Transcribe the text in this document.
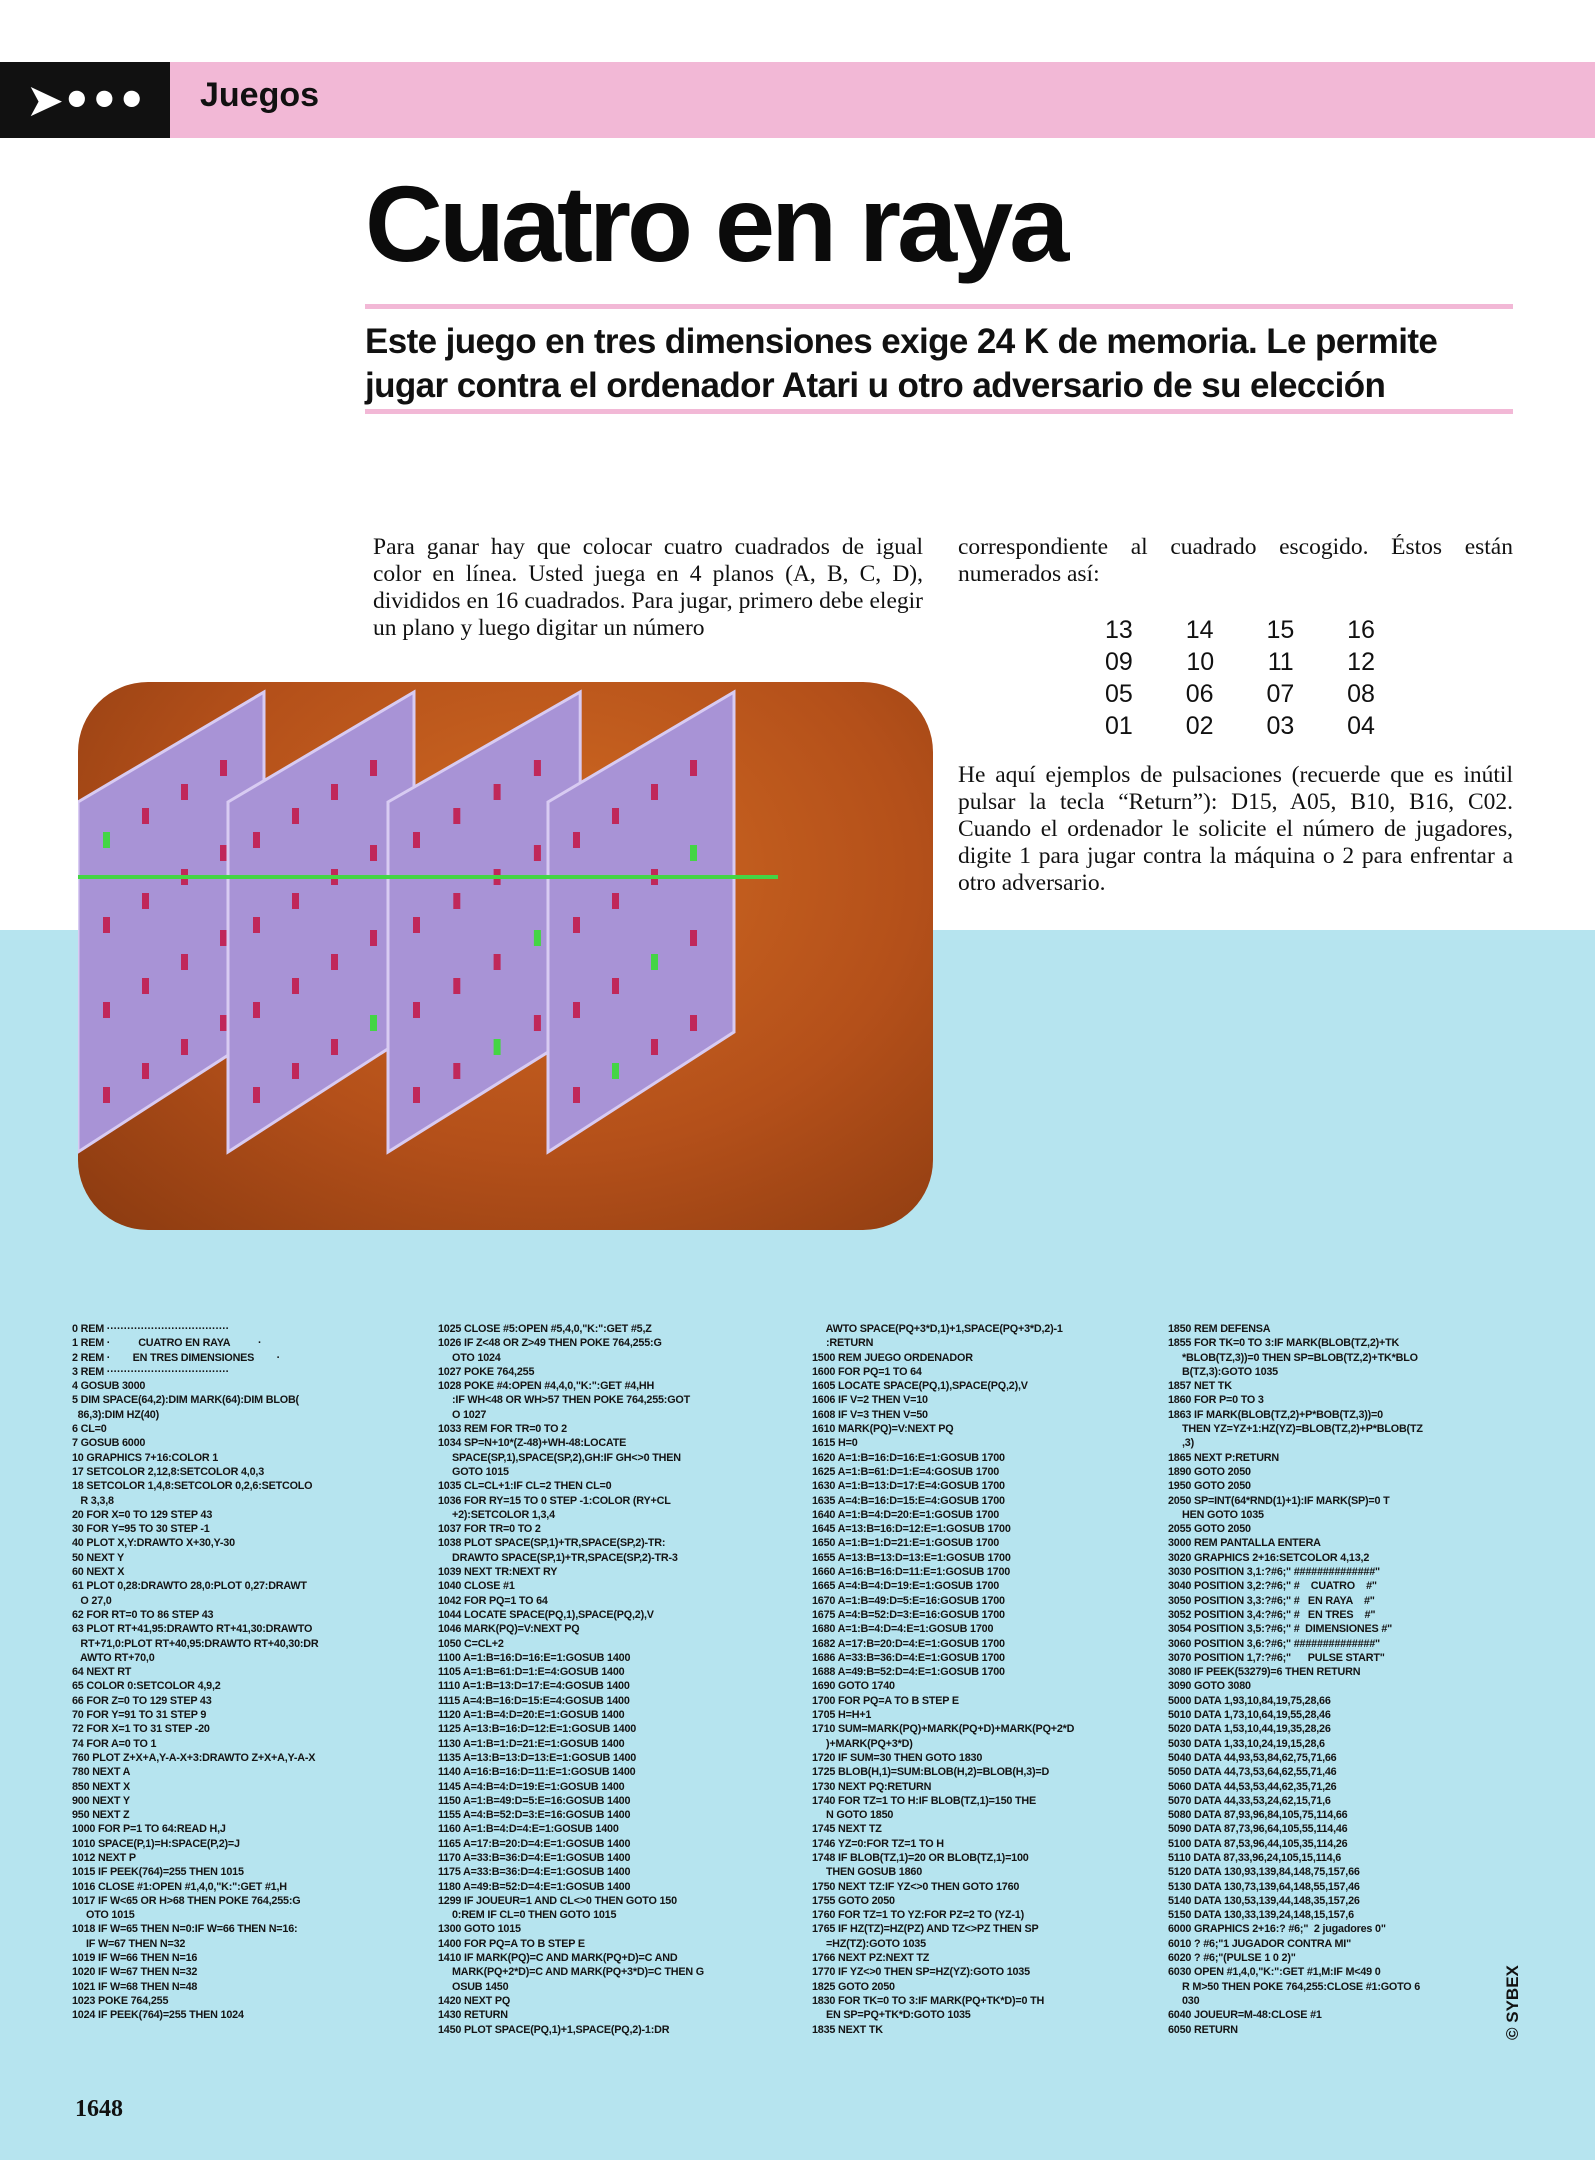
➤••• Juegos
Cuatro en raya
Este juego en tres dimensiones exige 24 K de memoria. Le permite jugar contra el ordenador Atari u otro adversario de su elección
Para ganar hay que colocar cuatro cuadrados de igual color en línea. Usted juega en 4 planos (A, B, C, D), divididos en 16 cuadrados. Para jugar, primero debe elegir un plano y luego digitar un número
correspondiente al cuadrado escogido. Éstos están numerados así:
13 14 15 16
09 10 11 12
05 06 07 08
01 02 03 04
He aquí ejemplos de pulsaciones (recuerde que es inútil pulsar la tecla “Return”): D15, A05, B10, B16, C02. Cuando el ordenador le solicite el número de jugadores, digite 1 para jugar contra la máquina o 2 para enfrentar a otro adversario.
0 REM ····································
1 REM ·          CUATRO EN RAYA          ·
2 REM ·        EN TRES DIMENSIONES        ·
3 REM ····································
4 GOSUB 3000
5 DIM SPACE(64,2):DIM MARK(64):DIM BLOB(
86,3):DIM HZ(40)
6 CL=0
7 GOSUB 6000
10 GRAPHICS 7+16:COLOR 1
17 SETCOLOR 2,12,8:SETCOLOR 4,0,3
18 SETCOLOR 1,4,8:SETCOLOR 0,2,6:SETCOLO
R 3,3,8
20 FOR X=0 TO 129 STEP 43
30 FOR Y=95 TO 30 STEP -1
40 PLOT X,Y:DRAWTO X+30,Y-30
50 NEXT Y
60 NEXT X
61 PLOT 0,28:DRAWTO 28,0:PLOT 0,27:DRAWT
O 27,0
62 FOR RT=0 TO 86 STEP 43
63 PLOT RT+41,95:DRAWTO RT+41,30:DRAWTO
RT+71,0:PLOT RT+40,95:DRAWTO RT+40,30:DR
AWTO RT+70,0
64 NEXT RT
65 COLOR 0:SETCOLOR 4,9,2
66 FOR Z=0 TO 129 STEP 43
70 FOR Y=91 TO 31 STEP 9
72 FOR X=1 TO 31 STEP -20
74 FOR A=0 TO 1
760 PLOT Z+X+A,Y-A-X+3:DRAWTO Z+X+A,Y-A-X
780 NEXT A
850 NEXT X
900 NEXT Y
950 NEXT Z
1000 FOR P=1 TO 64:READ H,J
1010 SPACE(P,1)=H:SPACE(P,2)=J
1012 NEXT P
1015 IF PEEK(764)=255 THEN 1015
1016 CLOSE #1:OPEN #1,4,0,"K:":GET #1,H
1017 IF W<65 OR H>68 THEN POKE 764,255:G
OTO 1015
1018 IF W=65 THEN N=0:IF W=66 THEN N=16:
IF W=67 THEN N=32
1019 IF W=66 THEN N=16
1020 IF W=67 THEN N=32
1021 IF W=68 THEN N=48
1023 POKE 764,255
1024 IF PEEK(764)=255 THEN 1024
1025 CLOSE #5:OPEN #5,4,0,"K:":GET #5,Z
1026 IF Z<48 OR Z>49 THEN POKE 764,255:G
OTO 1024
1027 POKE 764,255
1028 POKE #4:OPEN #4,4,0,"K:":GET #4,HH
:IF WH<48 OR WH>57 THEN POKE 764,255:GOT
O 1027
1033 REM FOR TR=0 TO 2
1034 SP=N+10*(Z-48)+WH-48:LOCATE
SPACE(SP,1),SPACE(SP,2),GH:IF GH<>0 THEN
GOTO 1015
1035 CL=CL+1:IF CL=2 THEN CL=0
1036 FOR RY=15 TO 0 STEP -1:COLOR (RY+CL
+2):SETCOLOR 1,3,4
1037 FOR TR=0 TO 2
1038 PLOT SPACE(SP,1)+TR,SPACE(SP,2)-TR:
DRAWTO SPACE(SP,1)+TR,SPACE(SP,2)-TR-3
1039 NEXT TR:NEXT RY
1040 CLOSE #1
1042 FOR PQ=1 TO 64
1044 LOCATE SPACE(PQ,1),SPACE(PQ,2),V
1046 MARK(PQ)=V:NEXT PQ
1050 C=CL+2
1100 A=1:B=16:D=16:E=1:GOSUB 1400
1105 A=1:B=61:D=1:E=4:GOSUB 1400
1110 A=1:B=13:D=17:E=4:GOSUB 1400
1115 A=4:B=16:D=15:E=4:GOSUB 1400
1120 A=1:B=4:D=20:E=1:GOSUB 1400
1125 A=13:B=16:D=12:E=1:GOSUB 1400
1130 A=1:B=1:D=21:E=1:GOSUB 1400
1135 A=13:B=13:D=13:E=1:GOSUB 1400
1140 A=16:B=16:D=11:E=1:GOSUB 1400
1145 A=4:B=4:D=19:E=1:GOSUB 1400
1150 A=1:B=49:D=5:E=16:GOSUB 1400
1155 A=4:B=52:D=3:E=16:GOSUB 1400
1160 A=1:B=4:D=4:E=1:GOSUB 1400
1165 A=17:B=20:D=4:E=1:GOSUB 1400
1170 A=33:B=36:D=4:E=1:GOSUB 1400
1175 A=33:B=36:D=4:E=1:GOSUB 1400
1180 A=49:B=52:D=4:E=1:GOSUB 1400
1299 IF JOUEUR=1 AND CL<>0 THEN GOTO 150
0:REM IF CL=0 THEN GOTO 1015
1300 GOTO 1015
1400 FOR PQ=A TO B STEP E
1410 IF MARK(PQ)=C AND MARK(PQ+D)=C AND
MARK(PQ+2*D)=C AND MARK(PQ+3*D)=C THEN G
OSUB 1450
1420 NEXT PQ
1430 RETURN
1450 PLOT SPACE(PQ,1)+1,SPACE(PQ,2)-1:DR
AWTO SPACE(PQ+3*D,1)+1,SPACE(PQ+3*D,2)-1
:RETURN
1500 REM JUEGO ORDENADOR
1600 FOR PQ=1 TO 64
1605 LOCATE SPACE(PQ,1),SPACE(PQ,2),V
1606 IF V=2 THEN V=10
1608 IF V=3 THEN V=50
1610 MARK(PQ)=V:NEXT PQ
1615 H=0
1620 A=1:B=16:D=16:E=1:GOSUB 1700
1625 A=1:B=61:D=1:E=4:GOSUB 1700
1630 A=1:B=13:D=17:E=4:GOSUB 1700
1635 A=4:B=16:D=15:E=4:GOSUB 1700
1640 A=1:B=4:D=20:E=1:GOSUB 1700
1645 A=13:B=16:D=12:E=1:GOSUB 1700
1650 A=1:B=1:D=21:E=1:GOSUB 1700
1655 A=13:B=13:D=13:E=1:GOSUB 1700
1660 A=16:B=16:D=11:E=1:GOSUB 1700
1665 A=4:B=4:D=19:E=1:GOSUB 1700
1670 A=1:B=49:D=5:E=16:GOSUB 1700
1675 A=4:B=52:D=3:E=16:GOSUB 1700
1680 A=1:B=4:D=4:E=1:GOSUB 1700
1682 A=17:B=20:D=4:E=1:GOSUB 1700
1686 A=33:B=36:D=4:E=1:GOSUB 1700
1688 A=49:B=52:D=4:E=1:GOSUB 1700
1690 GOTO 1740
1700 FOR PQ=A TO B STEP E
1705 H=H+1
1710 SUM=MARK(PQ)+MARK(PQ+D)+MARK(PQ+2*D
)+MARK(PQ+3*D)
1720 IF SUM=30 THEN GOTO 1830
1725 BLOB(H,1)=SUM:BLOB(H,2)=BLOB(H,3)=D
1730 NEXT PQ:RETURN
1740 FOR TZ=1 TO H:IF BLOB(TZ,1)=150 THE
N GOTO 1850
1745 NEXT TZ
1746 YZ=0:FOR TZ=1 TO H
1748 IF BLOB(TZ,1)=20 OR BLOB(TZ,1)=100
THEN GOSUB 1860
1750 NEXT TZ:IF YZ<>0 THEN GOTO 1760
1755 GOTO 2050
1760 FOR TZ=1 TO YZ:FOR PZ=2 TO (YZ-1)
1765 IF HZ(TZ)=HZ(PZ) AND TZ<>PZ THEN SP
=HZ(TZ):GOTO 1035
1766 NEXT PZ:NEXT TZ
1770 IF YZ<>0 THEN SP=HZ(YZ):GOTO 1035
1825 GOTO 2050
1830 FOR TK=0 TO 3:IF MARK(PQ+TK*D)=0 TH
EN SP=PQ+TK*D:GOTO 1035
1835 NEXT TK
1850 REM DEFENSA
1855 FOR TK=0 TO 3:IF MARK(BLOB(TZ,2)+TK
*BLOB(TZ,3))=0 THEN SP=BLOB(TZ,2)+TK*BLO
B(TZ,3):GOTO 1035
1857 NET TK
1860 FOR P=0 TO 3
1863 IF MARK(BLOB(TZ,2)+P*BOB(TZ,3))=0
THEN YZ=YZ+1:HZ(YZ)=BLOB(TZ,2)+P*BLOB(TZ
,3)
1865 NEXT P:RETURN
1890 GOTO 2050
1950 GOTO 2050
2050 SP=INT(64*RND(1)+1):IF MARK(SP)=0 T
HEN GOTO 1035
2055 GOTO 2050
3000 REM PANTALLA ENTERA
3020 GRAPHICS 2+16:SETCOLOR 4,13,2
3030 POSITION 3,1:?#6;" ##############"
3040 POSITION 3,2:?#6;" #    CUATRO    #"
3050 POSITION 3,3:?#6;" #   EN RAYA    #"
3052 POSITION 3,4:?#6;" #   EN TRES    #"
3054 POSITION 3,5:?#6;" #  DIMENSIONES #"
3060 POSITION 3,6:?#6;" ##############"
3070 POSITION 1,7:?#6;"      PULSE START"
3080 IF PEEK(53279)=6 THEN RETURN
3090 GOTO 3080
5000 DATA 1,93,10,84,19,75,28,66
5010 DATA 1,73,10,64,19,55,28,46
5020 DATA 1,53,10,44,19,35,28,26
5030 DATA 1,33,10,24,19,15,28,6
5040 DATA 44,93,53,84,62,75,71,66
5050 DATA 44,73,53,64,62,55,71,46
5060 DATA 44,53,53,44,62,35,71,26
5070 DATA 44,33,53,24,62,15,71,6
5080 DATA 87,93,96,84,105,75,114,66
5090 DATA 87,73,96,64,105,55,114,46
5100 DATA 87,53,96,44,105,35,114,26
5110 DATA 87,33,96,24,105,15,114,6
5120 DATA 130,93,139,84,148,75,157,66
5130 DATA 130,73,139,64,148,55,157,46
5140 DATA 130,53,139,44,148,35,157,26
5150 DATA 130,33,139,24,148,15,157,6
6000 GRAPHICS 2+16:? #6;"  2 jugadores 0"
6010 ? #6;"1 JUGADOR CONTRA MI"
6020 ? #6;"(PULSE 1 0 2)"
6030 OPEN #1,4,0,"K:":GET #1,M:IF M<49 0
R M>50 THEN POKE 764,255:CLOSE #1:GOTO 6
030
6040 JOUEUR=M-48:CLOSE #1
6050 RETURN
1648
© SYBEX
